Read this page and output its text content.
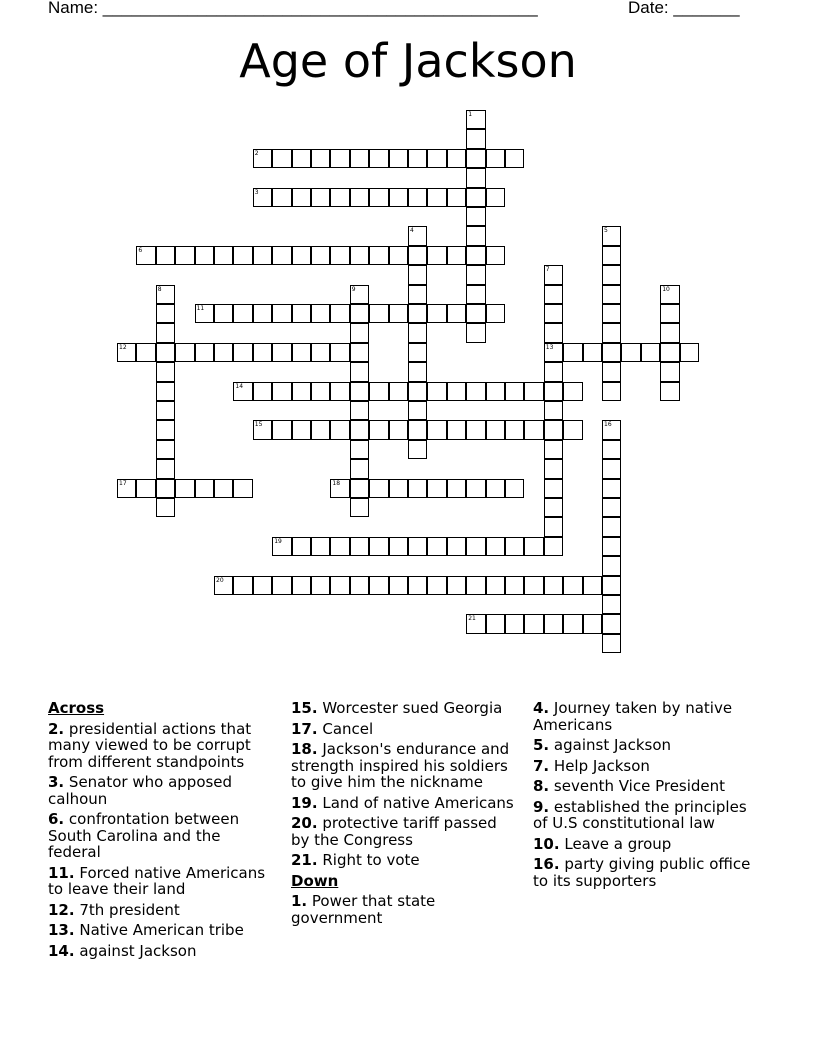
Name: ______________________________________________	Date: _______
Age of Jackson
1
2
3
4	5
6
7
13
8	9	10
11
12
14
15	16
17	18
19
20
21
Across
2. presidential actions that many viewed to be corrupt from different standpoints
3. Senator who apposed calhoun
6. confrontation between South Carolina and the federal
11. Forced native Americans to leave their land
12. 7th president
13. Native American tribe
14. against Jackson
15. Worcester sued Georgia
17. Cancel
18. Jackson's endurance and strength inspired his soldiers to give him the nickname
19. Land of native Americans
20. protective tariff passed by the Congress
21. Right to vote
Down
1. Power that state government
4. Journey taken by native Americans
5. against Jackson
7. Help Jackson
8. seventh Vice President
9. established the principles of U.S constitutional law
10. Leave a group
16. party giving public office to its supporters
